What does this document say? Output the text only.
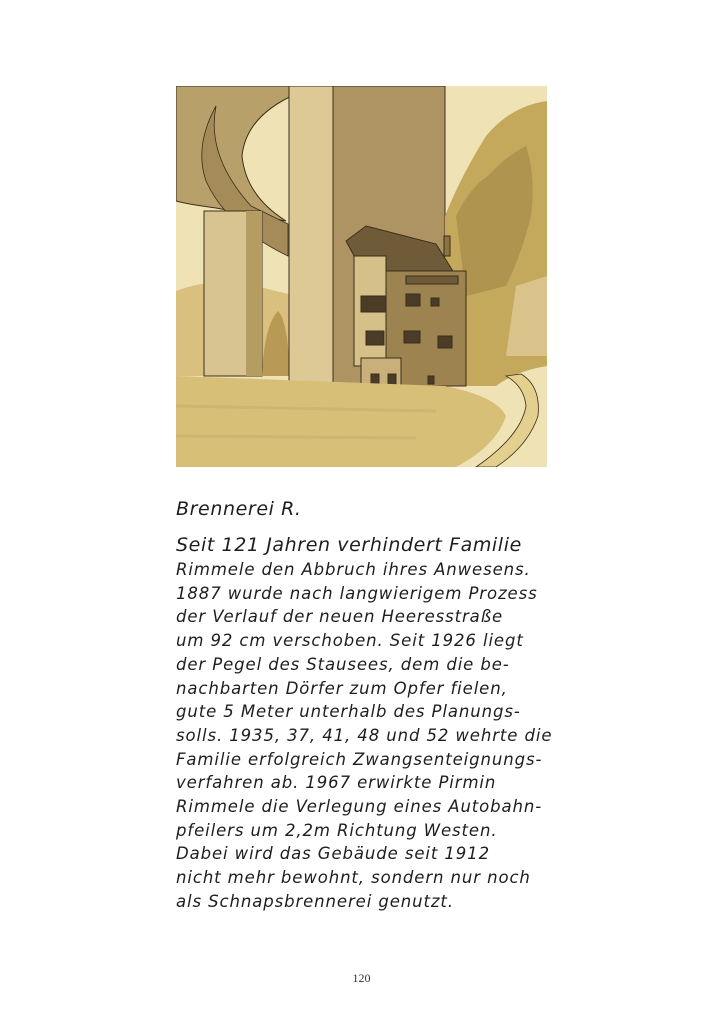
Brennerei R.

Seit 121 Jahren verhindert Familie

Rimmele den Abbruch ihres Anwesens.

1887 wurde nach langwierigem Prozess

der Verlauf der neuen Heeresstraße

um 92 cm verschoben. Seit 1926 liegt

der Pegel des Stausees, dem die be-

nachbarten Dörfer zum Opfer fielen,

gute 5 Meter unterhalb des Planungs-

solls. 1935, 37, 41, 48 und 52 wehrte die

Familie erfolgreich Zwangsenteignungs-

verfahren ab. 1967 erwirkte Pirmin

Rimmele die Verlegung eines Autobahn-

pfeilers um 2,2m Richtung Westen.

Dabei wird das Gebäude seit 1912

nicht mehr bewohnt, sondern nur noch

als Schnapsbrennerei genutzt.

120
